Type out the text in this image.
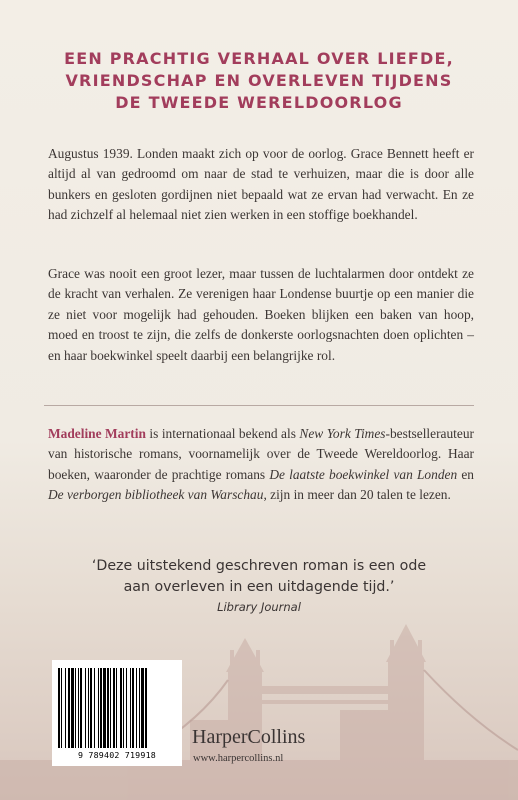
EEN PRACHTIG VERHAAL OVER LIEFDE,
VRIENDSCHAP EN OVERLEVEN TIJDENS
DE TWEEDE WERELDOORLOG

Augustus 1939. Londen maakt zich op voor de oorlog. Grace Bennett heeft er altijd al van gedroomd om naar de stad te verhuizen, maar die is door alle bunkers en gesloten gordijnen niet bepaald wat ze ervan had verwacht. En ze had zichzelf al helemaal niet zien werken in een stoffige boekhandel.

Grace was nooit een groot lezer, maar tussen de luchtalarmen door ontdekt ze de kracht van verhalen. Ze verenigen haar Londense buurtje op een manier die ze niet voor mogelijk had gehouden. Boeken blijken een baken van hoop, moed en troost te zijn, die zelfs de donkerste oorlogsnachten doen oplichten – en haar boekwinkel speelt daarbij een belangrijke rol.

Madeline Martin is internationaal bekend als New York Times-bestsellerauteur van historische romans, voornamelijk over de Tweede Wereldoorlog. Haar boeken, waaronder de prachtige romans De laatste boekwinkel van Londen en De verborgen bibliotheek van Warschau, zijn in meer dan 20 talen te lezen.

‘Deze uitstekend geschreven roman is een ode
aan overleven in een uitdagende tijd.’
Library Journal
9 789402 719918
HarperCollins
www.harpercollins.nl
